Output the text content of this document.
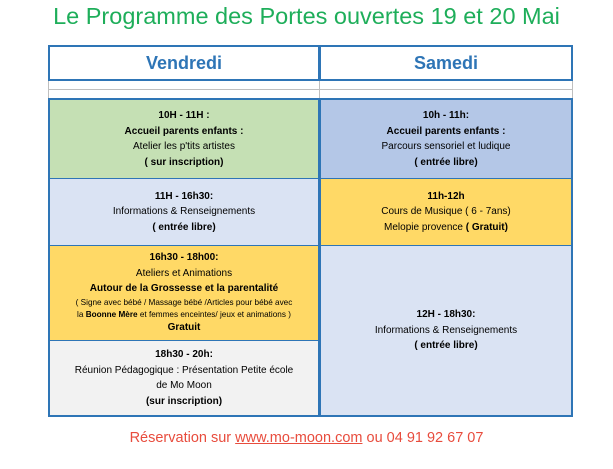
Le Programme des Portes ouvertes 19 et 20 Mai
Vendredi	Samedi
10H - 11H :
Accueil parents enfants :
Atelier les p'tits artistes
( sur inscription)
11H - 16h30:
Informations & Renseignements
( entrée libre)
16h30 - 18h00:
Ateliers et Animations
Autour de la Grossesse et la parentalité
( Signe avec bébé / Massage bébé /Articles pour bébé avec
la Boonne Mère et femmes enceintes/ jeux et animations )
Gratuit
18h30 - 20h:
Réunion Pédagogique : Présentation Petite école
de Mo Moon
(sur inscription)
10h - 11h:
Accueil parents enfants :
Parcours sensoriel et ludique
( entrée libre)
11h-12h
Cours de Musique ( 6 - 7ans)
Melopie provence ( Gratuit)
12H - 18h30:
Informations & Renseignements
( entrée libre)
Réservation sur www.mo-moon.com ou 04 91 92 67 07
